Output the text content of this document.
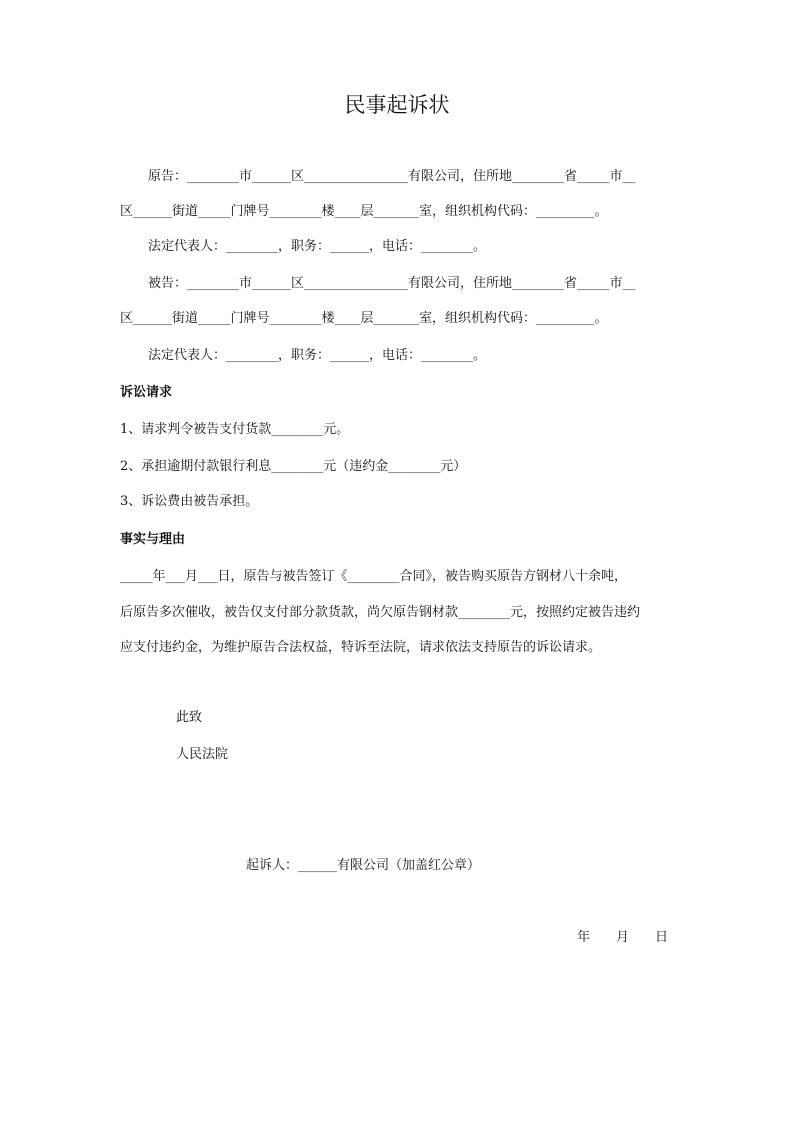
民事起诉状
原告：________市______区________________有限公司，住所地________省_____市__
区______街道_____门牌号________楼____层_______室，组织机构代码：_________。
法定代表人：________，职务：______，电话：________。
被告：________市______区________________有限公司，住所地________省_____市__
区______街道_____门牌号________楼____层_______室，组织机构代码：_________。
法定代表人：________，职务：______，电话：________。
诉讼请求
1、请求判令被告支付货款________元。
2、承担逾期付款银行利息________元（违约金________元）
3、诉讼费由被告承担。
事实与理由
_____年___月___日，原告与被告签订《________合同》，被告购买原告方钢材八十余吨，
后原告多次催收，被告仅支付部分款货款，尚欠原告钢材款________元，按照约定被告违约
应支付违约金，为维护原告合法权益，特诉至法院，请求依法支持原告的诉讼请求。
此致
人民法院
起诉人：______有限公司（加盖红公章）
年　　月　　日
